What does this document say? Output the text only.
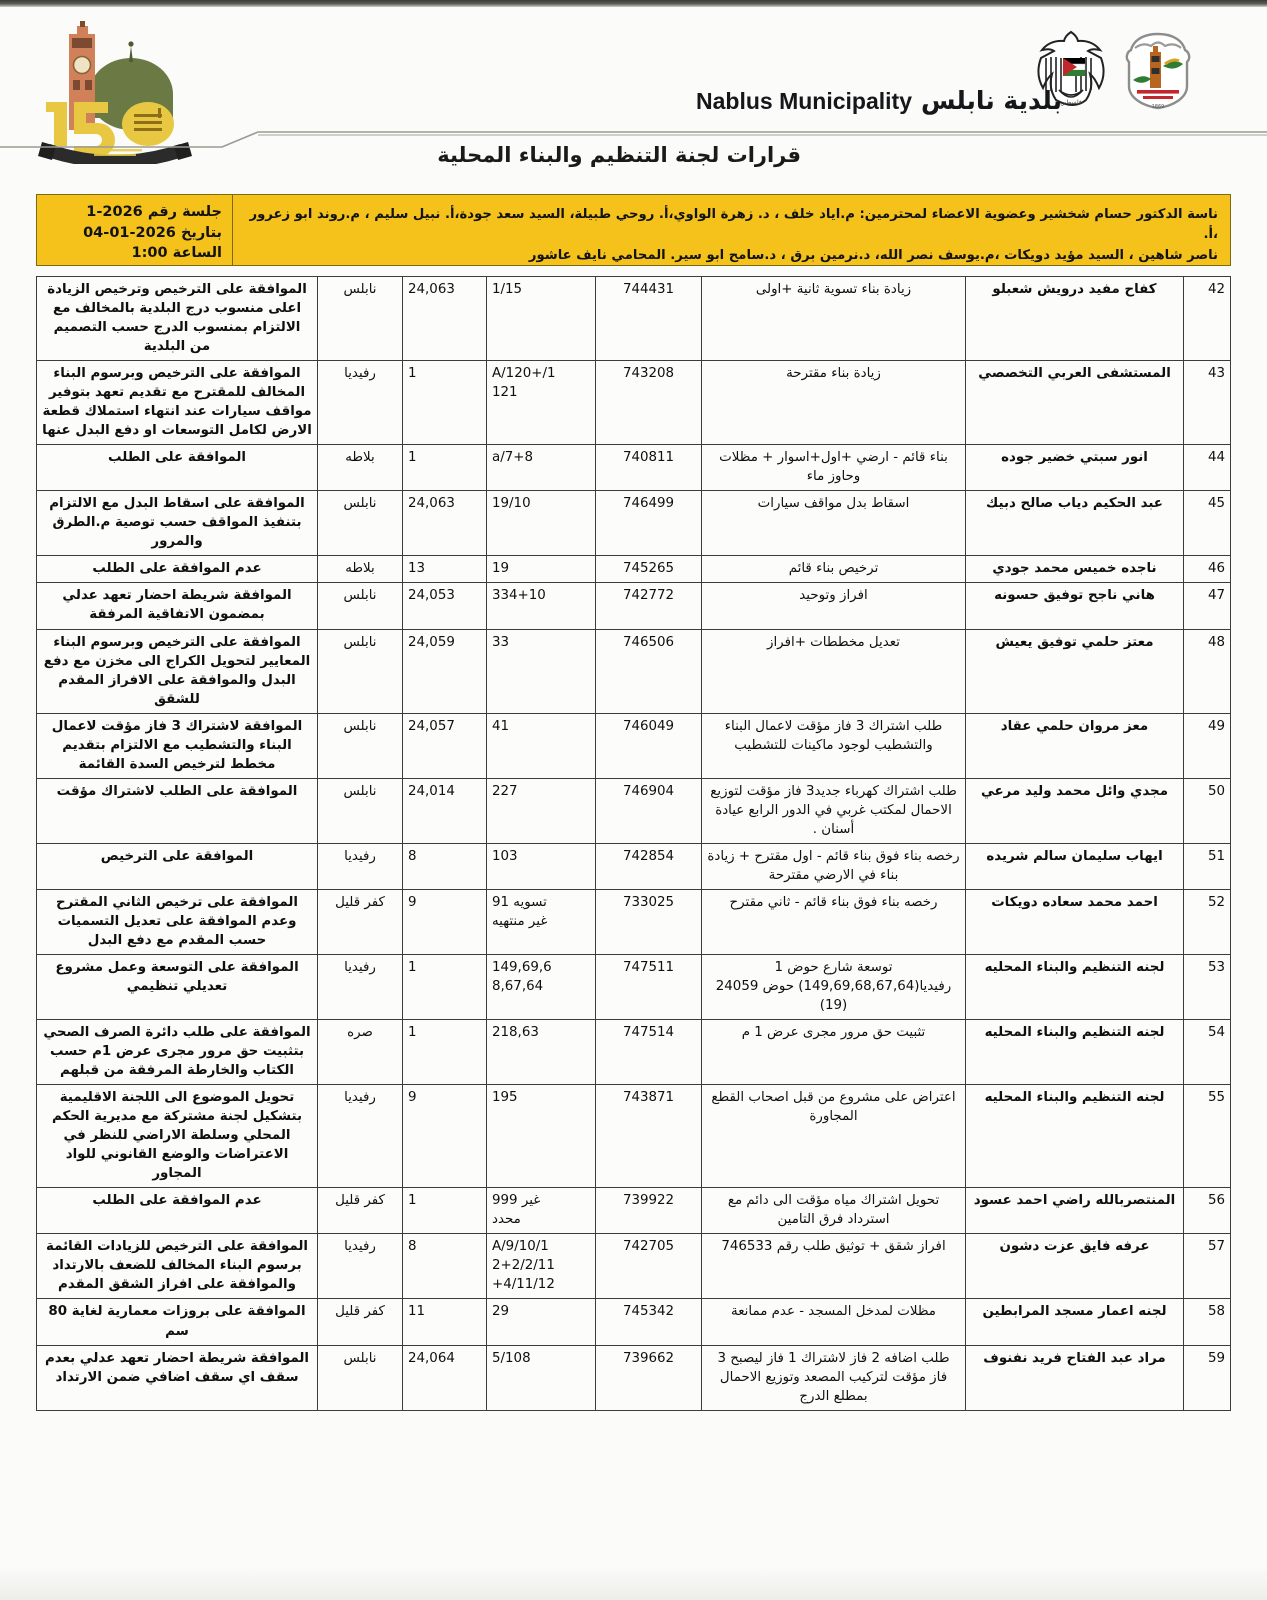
1869
فلسطين
بلدية نابلس
Nablus Municipality
قرارات لجنة التنظيم والبناء المحلية

ناسة الدكتور حسام شخشير وعضوية الاعضاء لمحترمين: م.اياد خلف ، د. زهرة الواوي،أ. روحي طبيلة، السيد سعد جودة،أ. نبيل سليم ، م.روند ابو زعرور ،أ.

ناصر شاهين ، السيد مؤيد دويكات ،م.يوسف نصر الله، د.نرمين برق ، د.سامح ابو سير. المحامي نايف عاشور

جلسة رقم 2026-1
بتاريخ 2026-01-04
الساعة 1:00
42	كفاح مفيد درويش شعبلو	زيادة بناء تسوية ثانية +اولى	744431	1/15	24,063	نابلس	الموافقة على الترخيص وترخيص الزيادة اعلى منسوب درج البلدية بالمخالف مع الالتزام بمنسوب الدرج حسب التصميم من البلدية
43	المستشفى العربي التخصصي	زيادة بناء مقترحة	743208	A/120+/1
121	1	رفيديا	الموافقة على الترخيص وبرسوم البناء المخالف للمقترح مع تقديم تعهد بتوفير مواقف سيارات عند انتهاء استملاك قطعة الارض لكامل التوسعات او دفع البدل عنها
44	انور سبتي خضير جوده	بناء قائم - ارضي +اول+اسوار + مظلات وحاوز ماء	740811	a/7+8	1	بلاطه	الموافقة على الطلب
45	عبد الحكيم دياب صالح دبيك	اسقاط بدل مواقف سيارات	746499	19/10	24,063	نابلس	الموافقة على اسقاط البدل مع الالتزام بتنفيذ المواقف حسب توصية م.الطرق والمرور
46	ناجده خميس محمد جودي	ترخيص بناء قائم	745265	19	13	بلاطه	عدم الموافقة على الطلب
47	هاني ناجح توفيق حسونه	افراز وتوحيد	742772	334+10	24,053	نابلس	الموافقة شريطة احضار تعهد عدلي بمضمون الاتفاقية المرفقة
48	معتز حلمي توفيق يعيش	تعديل مخططات +افراز	746506	33	24,059	نابلس	الموافقة على الترخيص وبرسوم البناء المعايير لتحويل الكراج الى مخزن مع دفع البدل والموافقة على الافراز المقدم للشقق
49	معز مروان حلمي عقاد	طلب اشتراك 3 فاز مؤقت لاعمال البناء والتشطيب لوجود ماكينات للتشطيب	746049	41	24,057	نابلس	الموافقة لاشتراك 3 فاز مؤقت لاعمال البناء والتشطيب مع الالتزام بتقديم مخطط لترخيص السدة القائمة
50	مجدي وائل محمد وليد مرعي	طلب اشتراك كهرباء جديد3 فاز مؤقت لتوزيع الاحمال لمكتب غربي في الدور الرابع عيادة أسنان .	746904	227	24,014	نابلس	الموافقة على الطلب لاشتراك مؤقت
51	ايهاب سليمان سالم شريده	رخصه بناء فوق بناء قائم - اول مقترح + زيادة بناء في الارضي مقترحة	742854	103	8	رفيديا	الموافقة على الترخيص
52	احمد محمد سعاده دويكات	رخصه بناء فوق بناء قائم - ثاني مقترح	733025	91 تسويه
غير منتهيه	9	كفر قليل	الموافقة على ترخيص الثاني المقترح وعدم الموافقة على تعديل التسميات حسب المقدم مع دفع البدل
53	لجنه التنظيم والبناء المحليه	توسعة شارع حوض 1 رفيديا(149,69,68,67,64) حوض 24059 (19)	747511	149,69,6
8,67,64	1	رفيديا	الموافقة على التوسعة وعمل مشروع تعديلي تنظيمي
54	لجنه التنظيم والبناء المحليه	تثبيت حق مرور مجرى عرض 1 م	747514	218,63	1	صره	الموافقة على طلب دائرة الصرف الصحي بتثبيت حق مرور مجرى عرض 1م حسب الكتاب والخارطة المرفقة من قبلهم
55	لجنه التنظيم والبناء المحليه	اعتراض على مشروع من قبل اصحاب القطع المجاورة	743871	195	9	رفيديا	تحويل الموضوع الى اللجنة الاقليمية بتشكيل لجنة مشتركة مع مديرية الحكم المحلي وسلطة الاراضي للنظر في الاعتراضات والوضع القانوني للواد المجاور
56	المنتصربالله راضي احمد عسود	تحويل اشتراك مياه مؤقت الى دائم مع استرداد فرق التامين	739922	999 غير
محدد	1	كفر قليل	عدم الموافقة على الطلب
57	عرفه فايق عزت دشون	افراز شقق + توثيق طلب رقم 746533	742705	A/9/10/1
2+2/2/11
+4/11/12	8	رفيديا	الموافقة على الترخيص للزيادات القائمة برسوم البناء المخالف للضعف بالارتداد والموافقة على افراز الشقق المقدم
58	لجنه اعمار مسجد المرابطين	مظلات لمدخل المسجد - عدم ممانعة	745342	29	11	كفر قليل	الموافقة على بروزات معمارية لغاية 80 سم
59	مراد عبد الفتاح فريد نفنوف	طلب اضافه 2 فاز لاشتراك 1 فاز ليصبح 3 فاز مؤقت لتركيب المصعد وتوزيع الاحمال بمطلع الدرج	739662	5/108	24,064	نابلس	الموافقة شريطة احضار تعهد عدلي بعدم سقف اي سقف اضافي ضمن الارتداد
